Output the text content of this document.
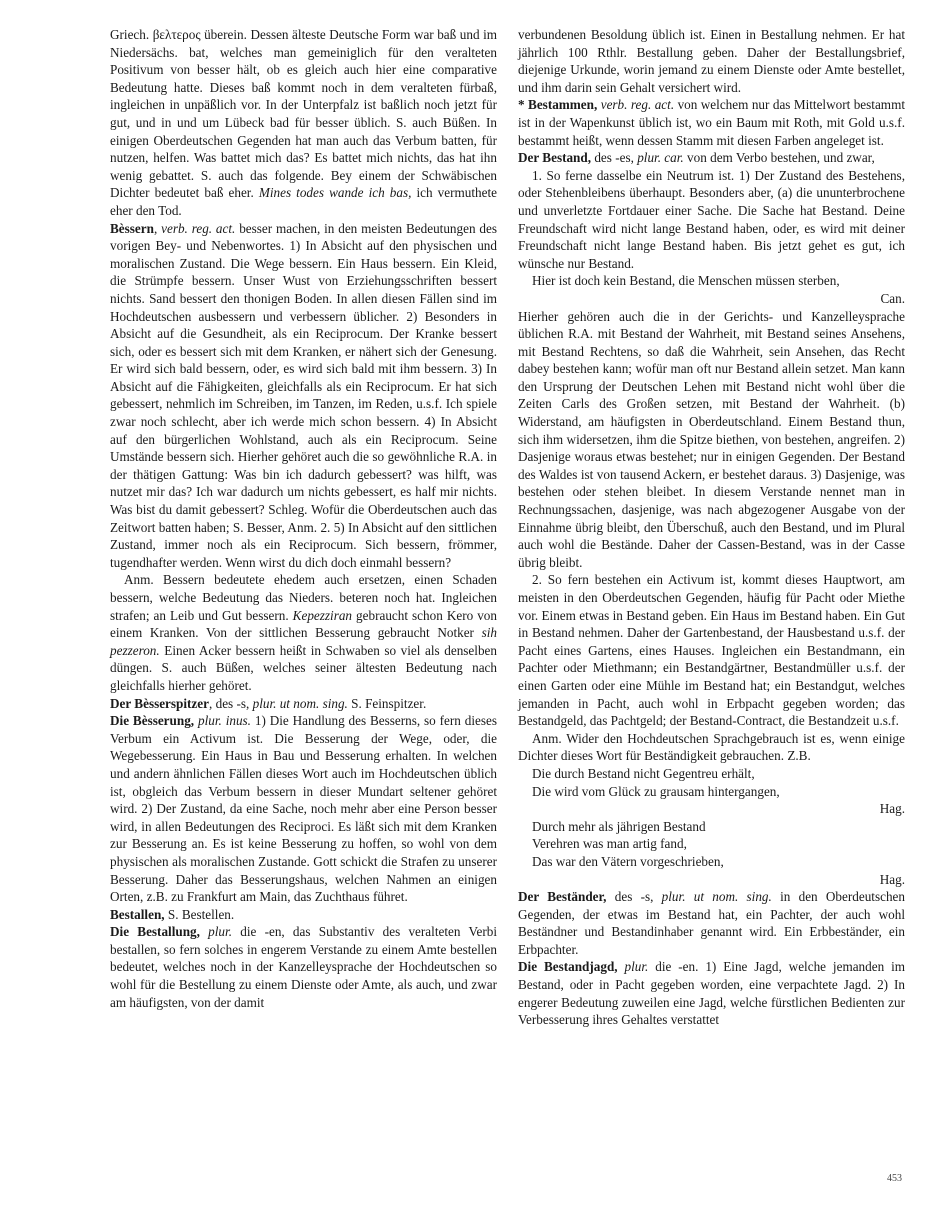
Griech. βελτερος überein. Dessen älteste Deutsche Form war baß und im Niedersächs. bat, welches man gemeiniglich für den veralteten Positivum von besser hält, ob es gleich auch hier eine comparative Bedeutung hatte. Dieses baß kommt noch in dem veralteten fürbaß, ingleichen in unpäßlich vor. In der Unterpfalz ist baßlich noch jetzt für gut, und in und um Lübeck bad für besser üblich. S. auch Büßen. In einigen Oberdeutschen Gegenden hat man auch das Verbum batten, für nutzen, helfen. Was battet mich das? Es battet mich nichts, das hat ihn wenig gebattet. S. auch das folgende. Bey einem der Schwäbischen Dichter bedeutet baß eher. Mines todes wande ich bas, ich vermuthete eher den Tod.

Bèssern, verb. reg. act. besser machen, in den meisten Bedeutungen des vorigen Bey- und Nebenwortes. 1) In Absicht auf den physischen und moralischen Zustand. Die Wege bessern. Ein Haus bessern. Ein Kleid, die Strümpfe bessern. Unser Wust von Erziehungsschriften bessert nichts. Sand bessert den thonigen Boden. In allen diesen Fällen sind im Hochdeutschen ausbessern und verbessern üblicher. 2) Besonders in Absicht auf die Gesundheit, als ein Reciprocum. Der Kranke bessert sich, oder es bessert sich mit dem Kranken, er nähert sich der Genesung. Er wird sich bald bessern, oder, es wird sich bald mit ihm bessern. 3) In Absicht auf die Fähigkeiten, gleichfalls als ein Reciprocum. Er hat sich gebessert, nehmlich im Schreiben, im Tanzen, im Reden, u.s.f. Ich spiele zwar noch schlecht, aber ich werde mich schon bessern. 4) In Absicht auf den bürgerlichen Wohlstand, auch als ein Reciprocum. Seine Umstände bessern sich. Hierher gehöret auch die so gewöhnliche R.A. in der thätigen Gattung: Was bin ich dadurch gebessert? was hilft, was nutzet mir das? Ich war dadurch um nichts gebessert, es half mir nichts. Was bist du damit gebessert? Schleg. Wofür die Oberdeutschen auch das Zeitwort batten haben; S. Besser, Anm. 2. 5) In Absicht auf den sittlichen Zustand, immer noch als ein Reciprocum. Sich bessern, frömmer, tugendhafter werden. Wenn wirst du dich doch einmahl bessern?

Anm. Bessern bedeutete ehedem auch ersetzen, einen Schaden bessern, welche Bedeutung das Nieders. beteren noch hat. Ingleichen strafen; an Leib und Gut bessern. Kepezziran gebraucht schon Kero von einem Kranken. Von der sittlichen Besserung gebraucht Notker sih pezzeron. Einen Acker bessern heißt in Schwaben so viel als denselben düngen. S. auch Büßen, welches seiner ältesten Bedeutung nach gleichfalls hierher gehöret.

Der Bèsserspitzer, des -s, plur. ut nom. sing. S. Feinspitzer.

Die Bèsserung, plur. inus. 1) Die Handlung des Besserns, so fern dieses Verbum ein Activum ist. Die Besserung der Wege, oder, die Wegebesserung. Ein Haus in Bau und Besserung erhalten. In welchen und andern ähnlichen Fällen dieses Wort auch im Hochdeutschen üblich ist, obgleich das Verbum bessern in dieser Mundart seltener gehöret wird. 2) Der Zustand, da eine Sache, noch mehr aber eine Person besser wird, in allen Bedeutungen des Reciproci. Es läßt sich mit dem Kranken zur Besserung an. Es ist keine Besserung zu hoffen, so wohl von dem physischen als moralischen Zustande. Gott schickt die Strafen zu unserer Besserung. Daher das Besserungshaus, welchen Nahmen an einigen Orten, z.B. zu Frankfurt am Main, das Zuchthaus führet.

Bestallen, S. Bestellen.

Die Bestallung, plur. die -en, das Substantiv des veralteten Verbi bestallen, so fern solches in engerem Verstande zu einem Amte bestellen bedeutet, welches noch in der Kanzelleysprache der Hochdeutschen so wohl für die Bestellung zu einem Dienste oder Amte, als auch, und zwar am häufigsten, von der damit

verbundenen Besoldung üblich ist. Einen in Bestallung nehmen. Er hat jährlich 100 Rthlr. Bestallung geben. Daher der Bestallungsbrief, diejenige Urkunde, worin jemand zu einem Dienste oder Amte bestellet, und ihm darin sein Gehalt versichert wird.

* Bestammen, verb. reg. act. von welchem nur das Mittelwort bestammt ist in der Wapenkunst üblich ist, wo ein Baum mit Roth, mit Gold u.s.f. bestammt heißt, wenn dessen Stamm mit diesen Farben angeleget ist.

Der Bestand, des -es, plur. car. von dem Verbo bestehen, und zwar,

1. So ferne dasselbe ein Neutrum ist. 1) Der Zustand des Bestehens, oder Stehenbleibens überhaupt. Besonders aber, (a) die ununterbrochene und unverletzte Fortdauer einer Sache. Die Sache hat Bestand. Deine Freundschaft wird nicht lange Bestand haben, oder, es wird mit deiner Freundschaft nicht lange Bestand haben. Bis jetzt gehet es gut, ich wünsche nur Bestand.

Hier ist doch kein Bestand, die Menschen müssen sterben,

Can.

Hierher gehören auch die in der Gerichts- und Kanzelleysprache üblichen R.A. mit Bestand der Wahrheit, mit Bestand seines Ansehens, mit Bestand Rechtens, so daß die Wahrheit, sein Ansehen, das Recht dabey bestehen kann; wofür man oft nur Bestand allein setzet. Man kann den Ursprung der Deutschen Lehen mit Bestand nicht wohl über die Zeiten Carls des Großen setzen, mit Bestand der Wahrheit. (b) Widerstand, am häufigsten in Oberdeutschland. Einem Bestand thun, sich ihm widersetzen, ihm die Spitze biethen, von bestehen, angreifen. 2) Dasjenige woraus etwas bestehet; nur in einigen Gegenden. Der Bestand des Waldes ist von tausend Ackern, er bestehet daraus. 3) Dasjenige, was bestehen oder stehen bleibet. In diesem Verstande nennet man in Rechnungssachen, dasjenige, was nach abgezogener Ausgabe von der Einnahme übrig bleibt, den Überschuß, auch den Bestand, und im Plural auch wohl die Bestände. Daher der Cassen-Bestand, was in der Casse übrig bleibt.

2. So fern bestehen ein Activum ist, kommt dieses Hauptwort, am meisten in den Oberdeutschen Gegenden, häufig für Pacht oder Miethe vor. Einem etwas in Bestand geben. Ein Haus im Bestand haben. Ein Gut in Bestand nehmen. Daher der Gartenbestand, der Hausbestand u.s.f. der Pacht eines Gartens, eines Hauses. Ingleichen ein Bestandmann, ein Pachter oder Miethmann; ein Bestandgärtner, Bestandmüller u.s.f. der einen Garten oder eine Mühle im Bestand hat; ein Bestandgut, welches jemanden in Pacht, auch wohl in Erbpacht gegeben worden; das Bestandgeld, das Pachtgeld; der Bestand-Contract, die Bestandzeit u.s.f.

Anm. Wider den Hochdeutschen Sprachgebrauch ist es, wenn einige Dichter dieses Wort für Beständigkeit gebrauchen. Z.B.

Die durch Bestand nicht Gegentreu erhält,

Die wird vom Glück zu grausam hintergangen,

Hag.

Durch mehr als jährigen Bestand

Verehren was man artig fand,

Das war den Vätern vorgeschrieben,

Hag.

Der Beständer, des -s, plur. ut nom. sing. in den Oberdeutschen Gegenden, der etwas im Bestand hat, ein Pachter, der auch wohl Beständner und Bestandinhaber genannt wird. Ein Erbbeständer, ein Erbpachter.

Die Bestandjagd, plur. die -en. 1) Eine Jagd, welche jemanden im Bestand, oder in Pacht gegeben worden, eine verpachtete Jagd. 2) In engerer Bedeutung zuweilen eine Jagd, welche fürstlichen Bedienten zur Verbesserung ihres Gehaltes verstattet

453
